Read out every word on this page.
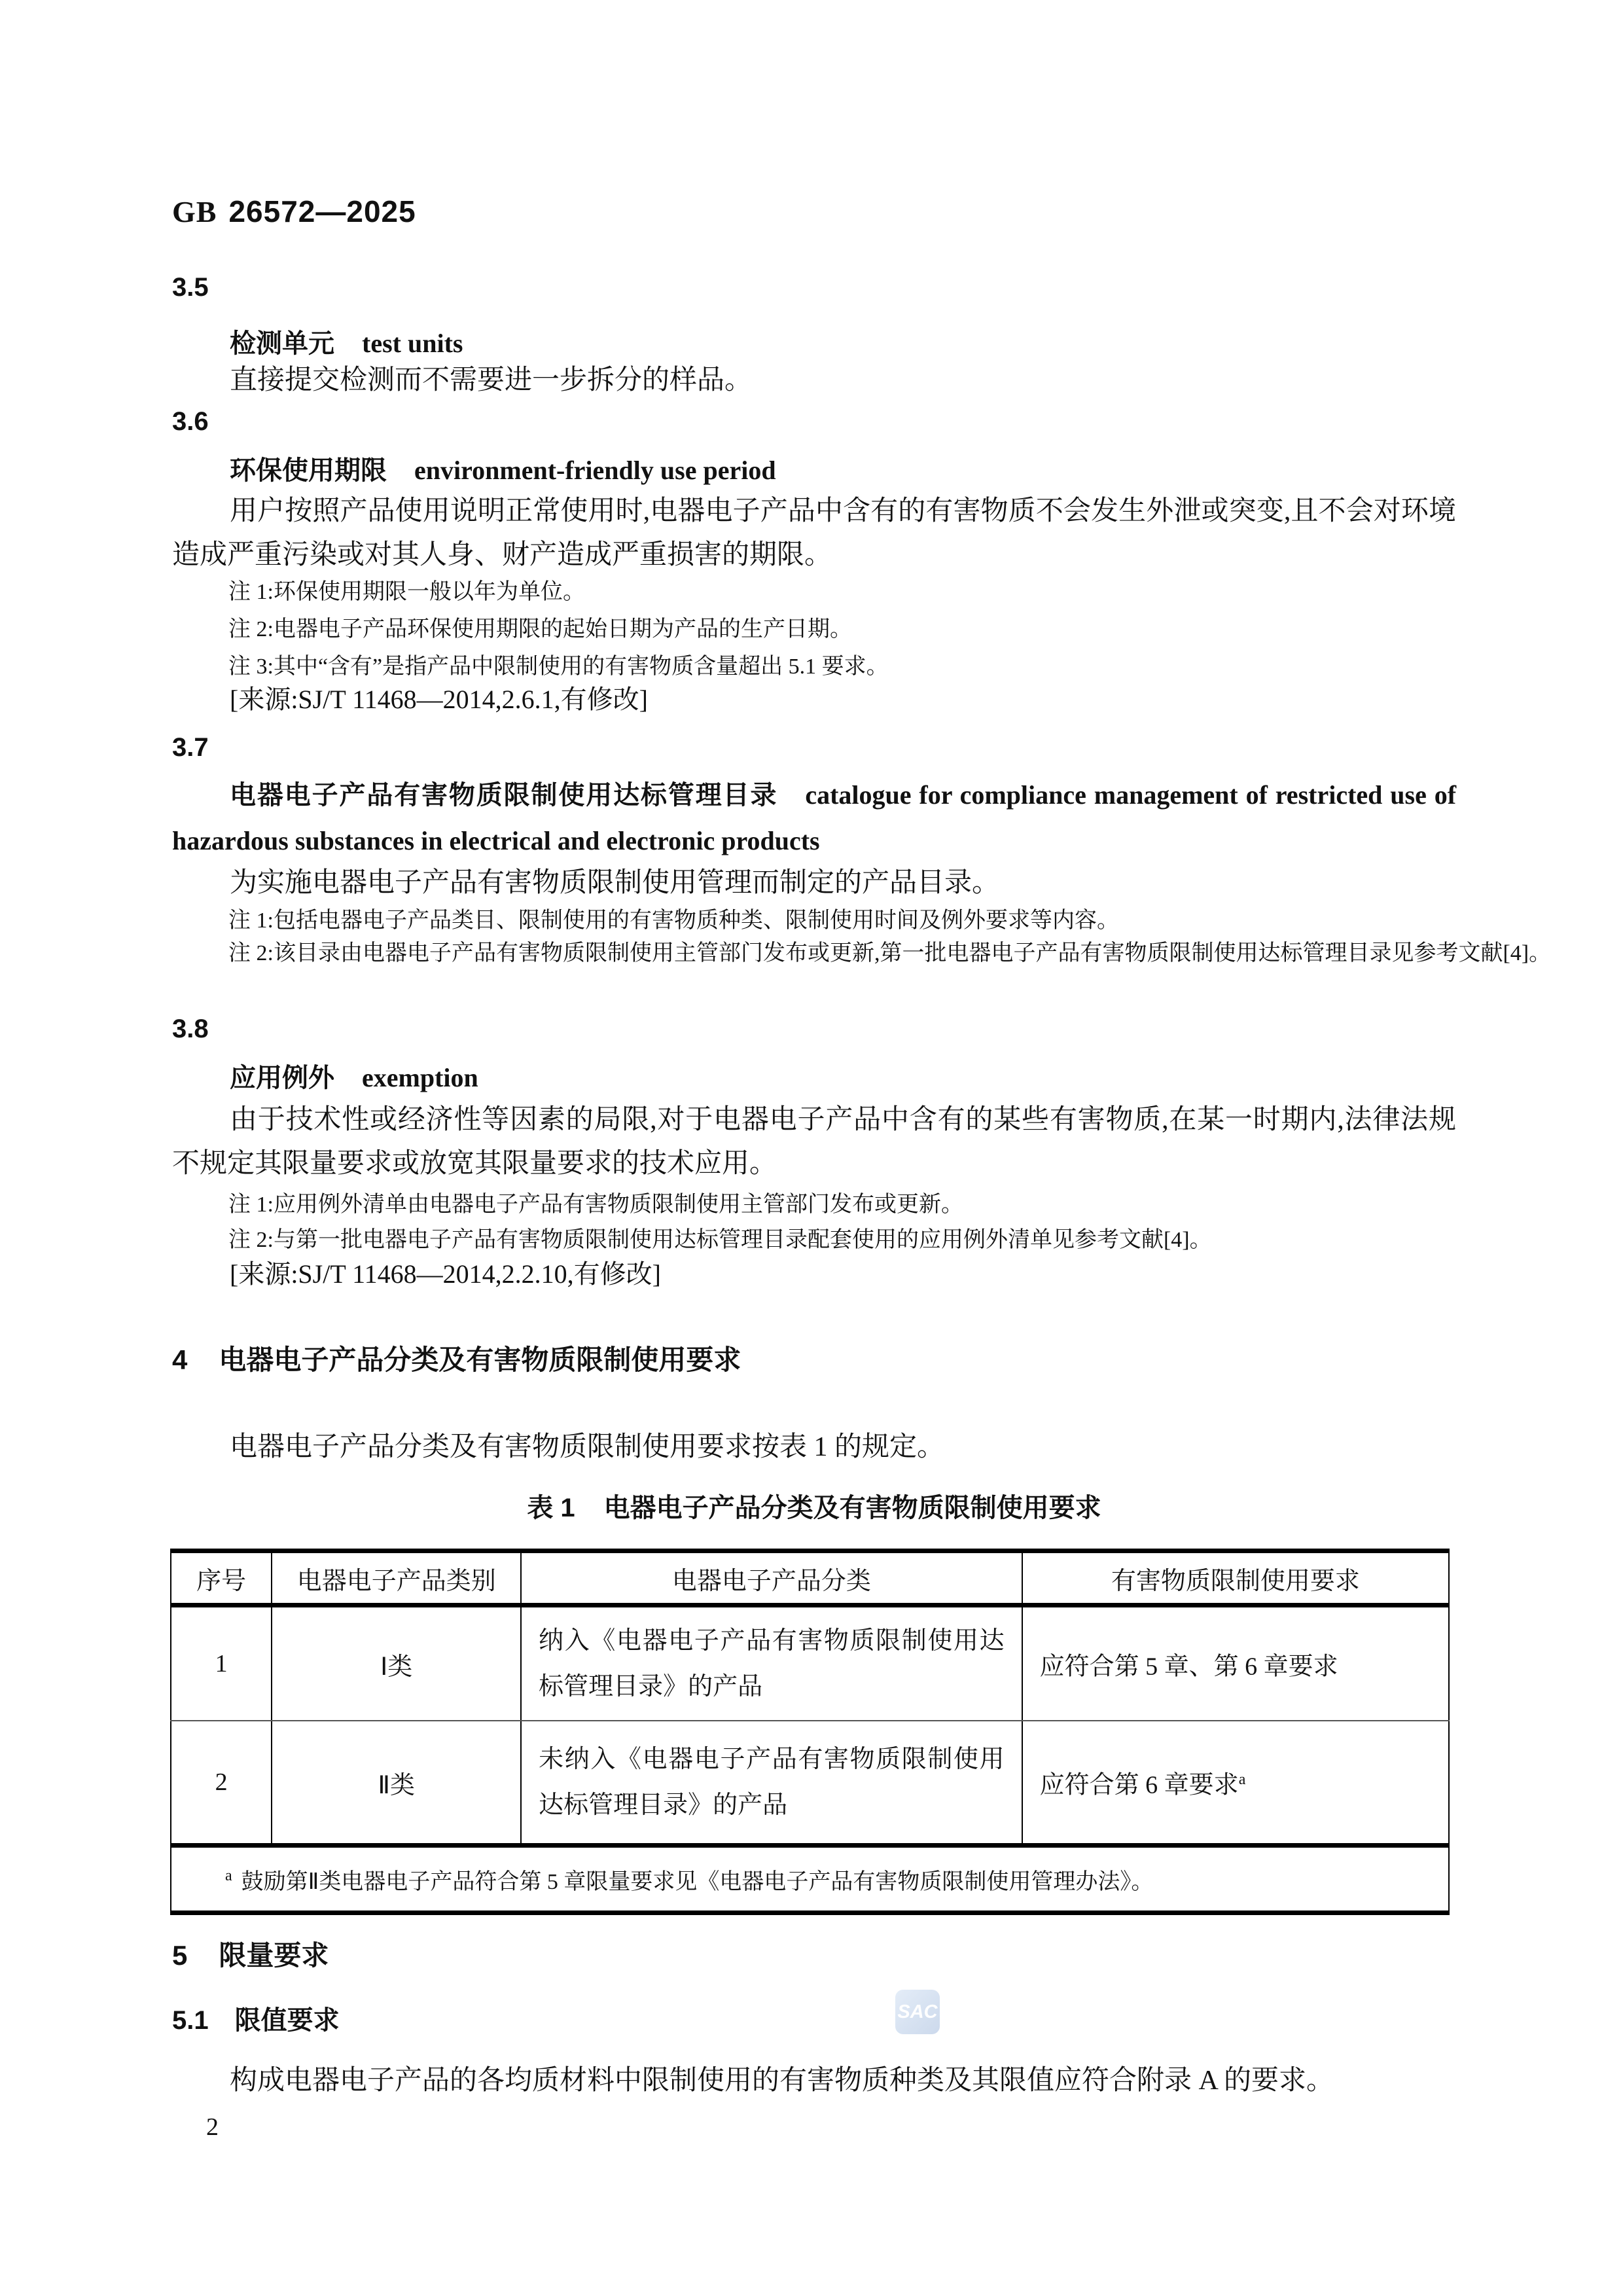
GB 26572—2025
3.5
检测单元 test units
直接提交检测而不需要进一步拆分的样品。
3.6
环保使用期限 environment-friendly use period
用户按照产品使用说明正常使用时,电器电子产品中含有的有害物质不会发生外泄或突变,且不会对环境造成严重污染或对其人身、财产造成严重损害的期限。
注 1:环保使用期限一般以年为单位。
注 2:电器电子产品环保使用期限的起始日期为产品的生产日期。
注 3:其中“含有”是指产品中限制使用的有害物质含量超出 5.1 要求。
[来源:SJ/T 11468—2014,2.6.1,有修改]
3.7
电器电子产品有害物质限制使用达标管理目录 catalogue for compliance management of restricted use of hazardous substances in electrical and electronic products
为实施电器电子产品有害物质限制使用管理而制定的产品目录。
注 1:包括电器电子产品类目、限制使用的有害物质种类、限制使用时间及例外要求等内容。
注 2:该目录由电器电子产品有害物质限制使用主管部门发布或更新,第一批电器电子产品有害物质限制使用达标管理目录见参考文献[4]。
3.8
应用例外 exemption
由于技术性或经济性等因素的局限,对于电器电子产品中含有的某些有害物质,在某一时期内,法律法规不规定其限量要求或放宽其限量要求的技术应用。
注 1:应用例外清单由电器电子产品有害物质限制使用主管部门发布或更新。
注 2:与第一批电器电子产品有害物质限制使用达标管理目录配套使用的应用例外清单见参考文献[4]。
[来源:SJ/T 11468—2014,2.2.10,有修改]
4 电器电子产品分类及有害物质限制使用要求
电器电子产品分类及有害物质限制使用要求按表 1 的规定。
表 1 电器电子产品分类及有害物质限制使用要求
序号	电器电子产品类别	电器电子产品分类	有害物质限制使用要求
1	Ⅰ类	纳入《电器电子产品有害物质限制使用达标管理目录》的产品	应符合第 5 章、第 6 章要求
2	Ⅱ类	未纳入《电器电子产品有害物质限制使用达标管理目录》的产品	应符合第 6 章要求$^a$
$^a$ 鼓励第Ⅱ类电器电子产品符合第 5 章限量要求见《电器电子产品有害物质限制使用管理办法》。			
5 限量要求
5.1 限值要求
构成电器电子产品的各均质材料中限制使用的有害物质种类及其限值应符合附录 A 的要求。
SAC
2
